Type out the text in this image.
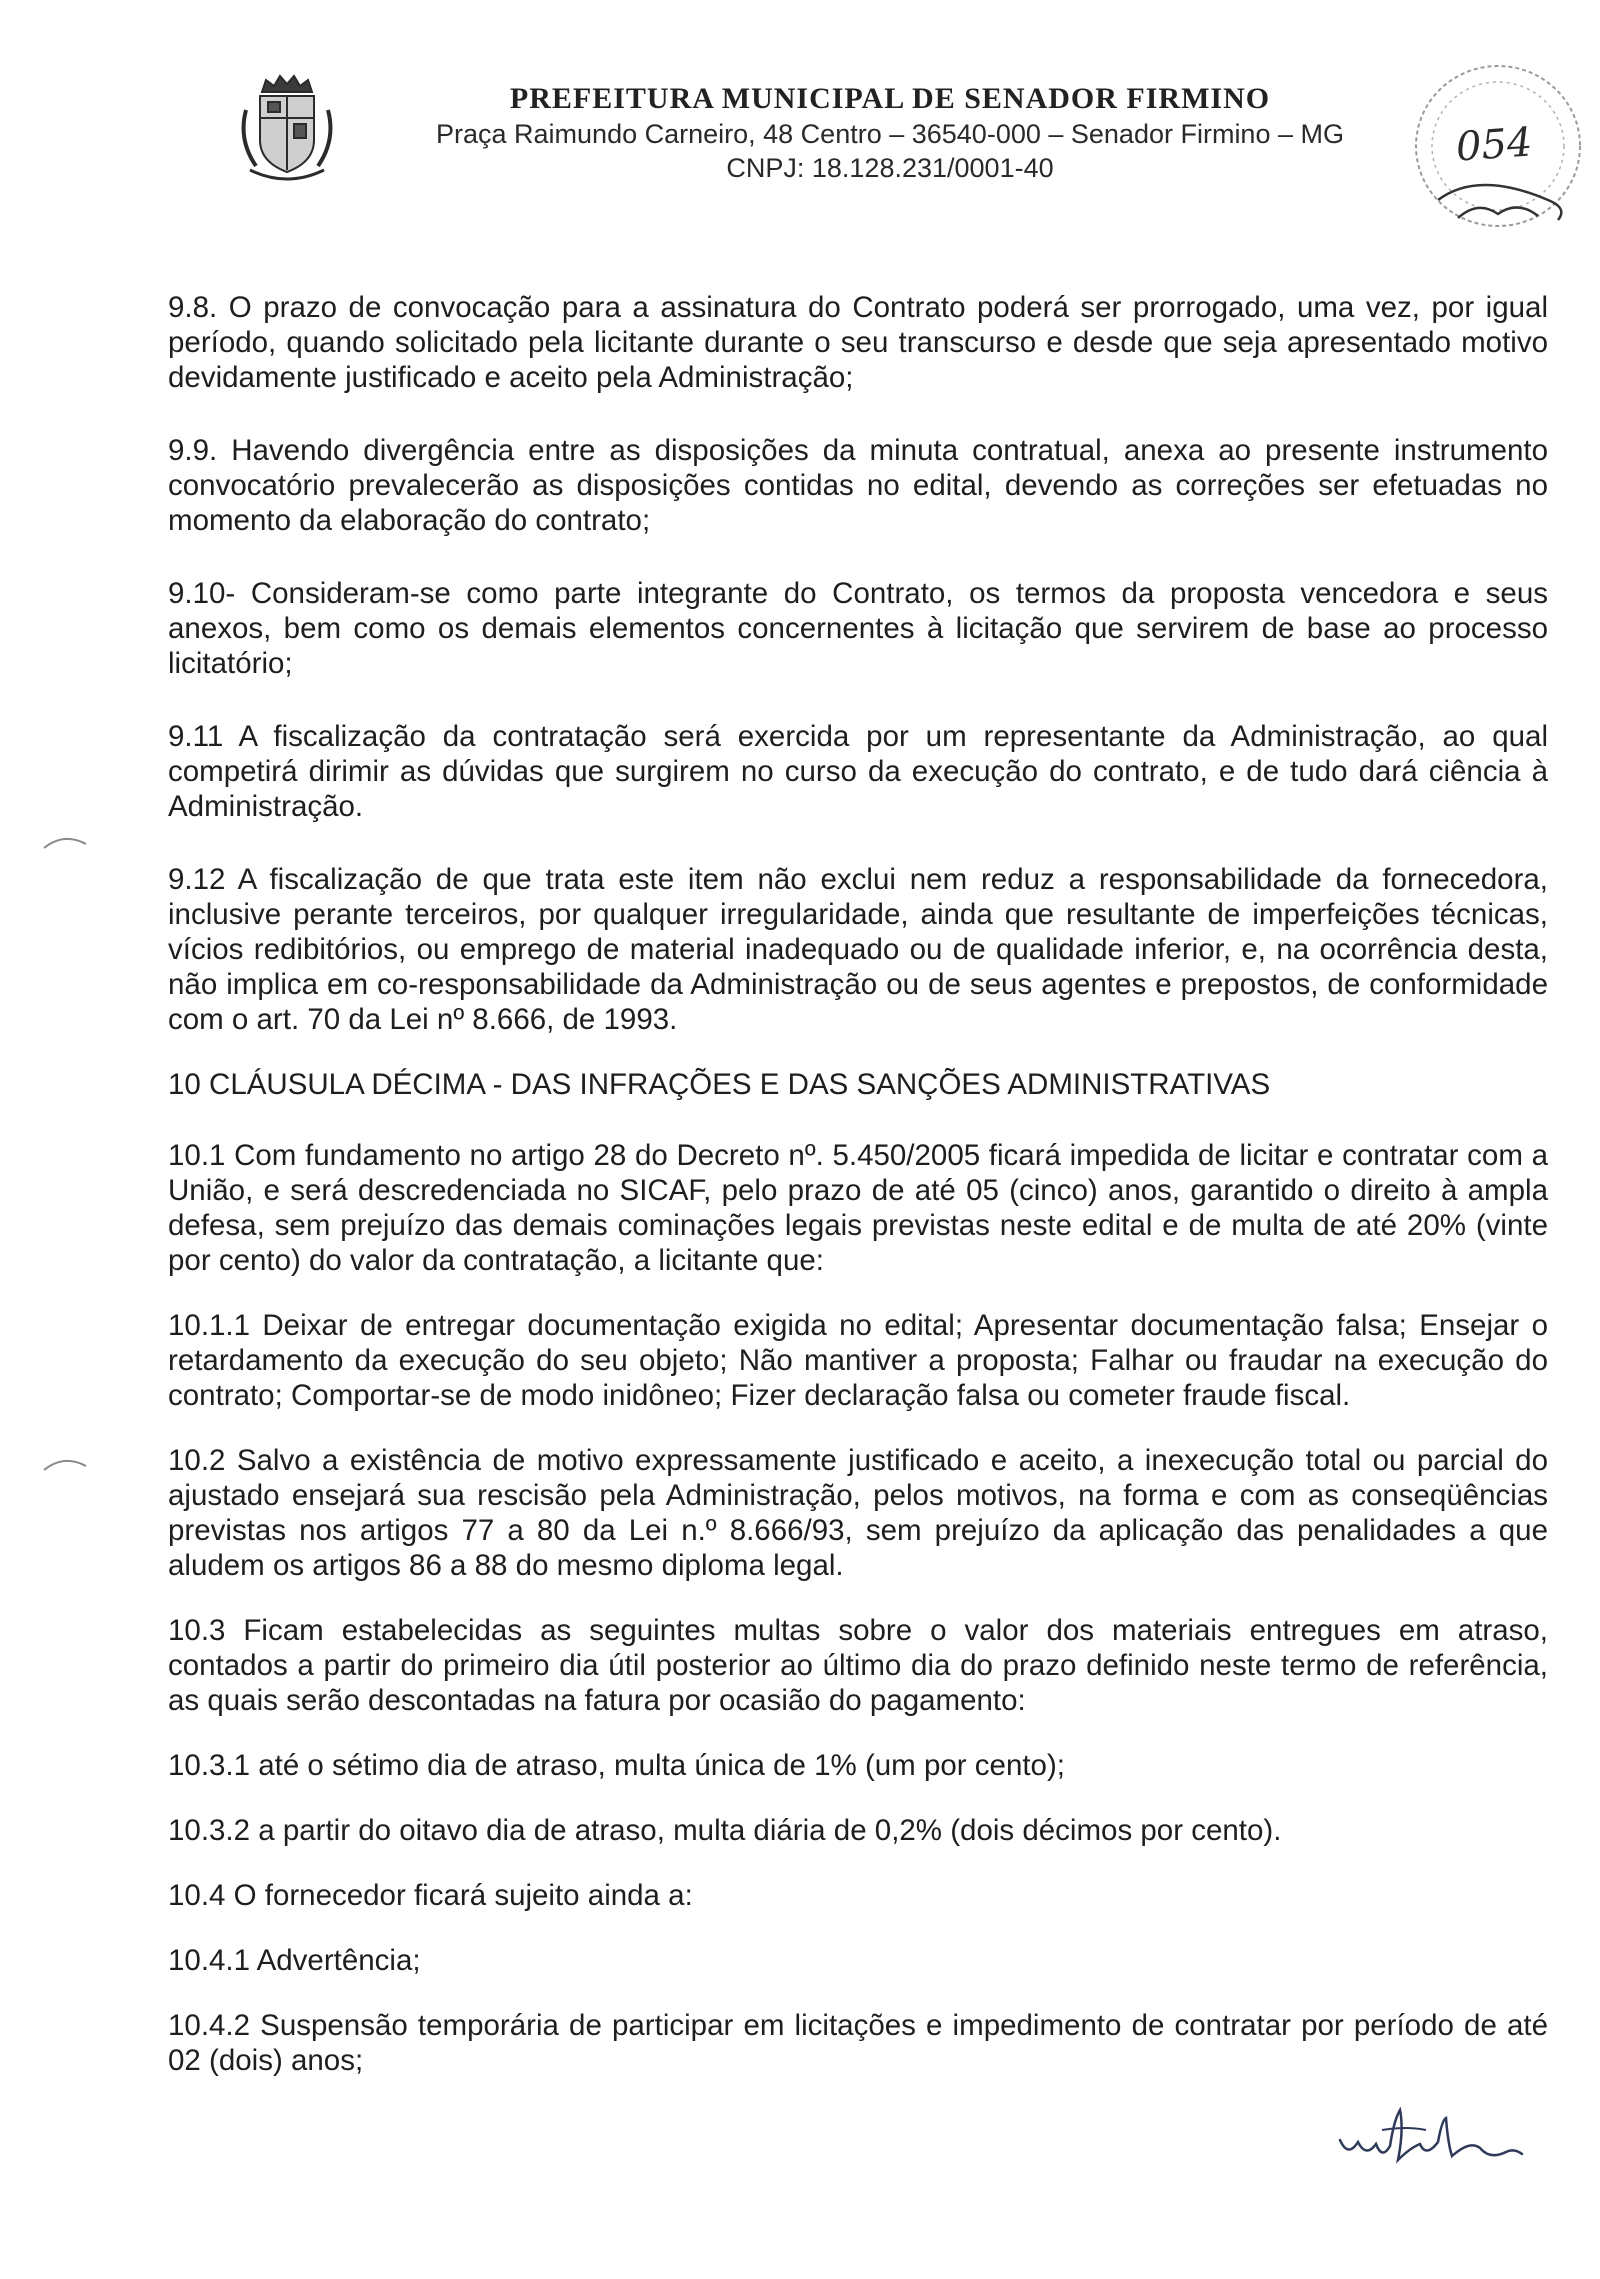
PREFEITURA MUNICIPAL DE SENADOR FIRMINO
Praça Raimundo Carneiro, 48 Centro – 36540-000 – Senador Firmino – MG
CNPJ: 18.128.231/0001-40	054

9.8. O prazo de convocação para a assinatura do Contrato poderá ser prorrogado, uma vez, por igual período, quando solicitado pela licitante durante o seu transcurso e desde que seja apresentado motivo devidamente justificado e aceito pela Administração;

9.9. Havendo divergência entre as disposições da minuta contratual, anexa ao presente instrumento convocatório prevalecerão as disposições contidas no edital, devendo as correções ser efetuadas no momento da elaboração do contrato;

9.10- Consideram-se como parte integrante do Contrato, os termos da proposta vencedora e seus anexos, bem como os demais elementos concernentes à licitação que servirem de base ao processo licitatório;

9.11 A fiscalização da contratação será exercida por um representante da Administração, ao qual competirá dirimir as dúvidas que surgirem no curso da execução do contrato, e de tudo dará ciência à Administração.

9.12 A fiscalização de que trata este item não exclui nem reduz a responsabilidade da fornecedora, inclusive perante terceiros, por qualquer irregularidade, ainda que resultante de imperfeições técnicas, vícios redibitórios, ou emprego de material inadequado ou de qualidade inferior, e, na ocorrência desta, não implica em co-responsabilidade da Administração ou de seus agentes e prepostos, de conformidade com o art. 70 da Lei nº 8.666, de 1993.

10 CLÁUSULA DÉCIMA - DAS INFRAÇÕES E DAS SANÇÕES ADMINISTRATIVAS

10.1 Com fundamento no artigo 28 do Decreto nº. 5.450/2005 ficará impedida de licitar e contratar com a União, e será descredenciada no SICAF, pelo prazo de até 05 (cinco) anos, garantido o direito à ampla defesa, sem prejuízo das demais cominações legais previstas neste edital e de multa de até 20% (vinte por cento) do valor da contratação, a licitante que:

10.1.1 Deixar de entregar documentação exigida no edital; Apresentar documentação falsa; Ensejar o retardamento da execução do seu objeto; Não mantiver a proposta; Falhar ou fraudar na execução do contrato; Comportar-se de modo inidôneo; Fizer declaração falsa ou cometer fraude fiscal.

10.2 Salvo a existência de motivo expressamente justificado e aceito, a inexecução total ou parcial do ajustado ensejará sua rescisão pela Administração, pelos motivos, na forma e com as conseqüências previstas nos artigos 77 a 80 da Lei n.º 8.666/93, sem prejuízo da aplicação das penalidades a que aludem os artigos 86 a 88 do mesmo diploma legal.

10.3 Ficam estabelecidas as seguintes multas sobre o valor dos materiais entregues em atraso, contados a partir do primeiro dia útil posterior ao último dia do prazo definido neste termo de referência, as quais serão descontadas na fatura por ocasião do pagamento:

10.3.1 até o sétimo dia de atraso, multa única de 1% (um por cento);

10.3.2 a partir do oitavo dia de atraso, multa diária de 0,2% (dois décimos por cento).

10.4 O fornecedor ficará sujeito ainda a:

10.4.1 Advertência;

10.4.2 Suspensão temporária de participar em licitações e impedimento de contratar por período de até 02 (dois) anos;
